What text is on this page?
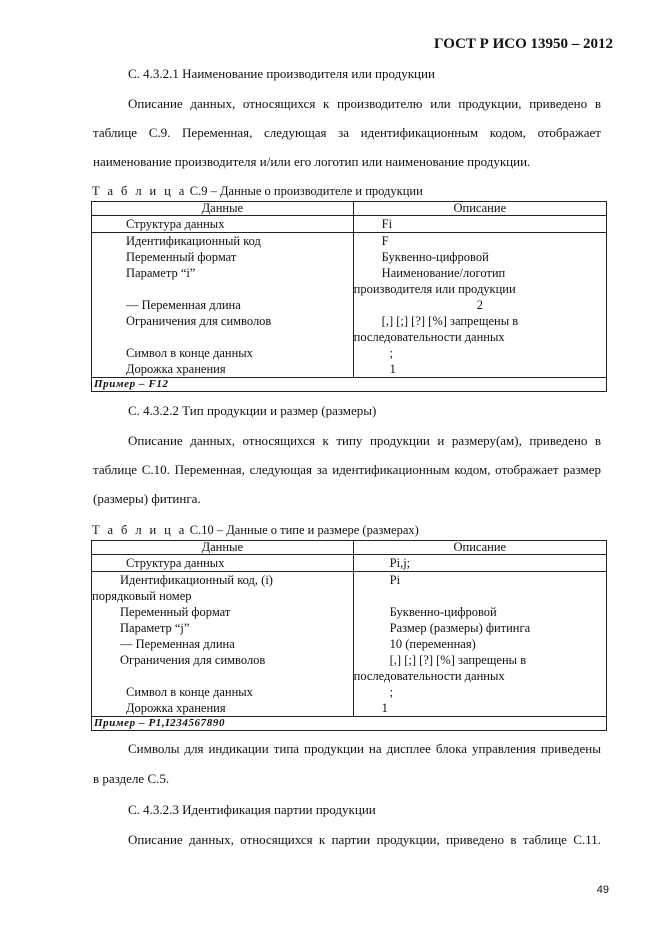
ГОСТ Р ИСО 13950 – 2012
С. 4.3.2.1 Наименование производителя или продукции
Описание данных, относящихся к производителю или продукции, приведено в
таблице С.9. Переменная, следующая за идентификационным кодом, отображает
наименование производителя и/или его логотип или наименование продукции.
Т а б л и ц а С.9 – Данные о производителе и продукции
Данные	Описание

Структура данных	Fi

Идентификационный код	F

Переменный формат	Буквенно-цифровой

Параметр “i”	Наименование/логотип
производителя или продукции

— Переменная длина	2

Ограничения для символов	[,] [;] [?] [%] запрещены в
последовательности данных

Символ в конце данных	;

Дорожка хранения	1

Пример – F12	
С. 4.3.2.2 Тип продукции и размер (размеры)
Описание данных, относящихся к типу продукции и размеру(ам), приведено в
таблице С.10. Переменная, следующая за идентификационным кодом, отображает размер
(размеры) фитинга.
Т а б л и ц а С.10 – Данные о типе и размере (размерах)
Данные	Описание

Структура данных	Pi,j;

Идентификационный код, (i)
порядковый номер	Pi

Переменный формат	Буквенно-цифровой

Параметр “j”	Размер (размеры) фитинга

— Переменная длина	10 (переменная)

Ограничения для символов	[,] [;] [?] [%] запрещены в
последовательности данных

Символ в конце данных	;

Дорожка хранения	1

Пример – P1,I234567890	
Символы для индикации типа продукции на дисплее блока управления приведены
в разделе С.5.
С. 4.3.2.3 Идентификация партии продукции
Описание данных, относящихся к партии продукции, приведено в таблице С.11.
49
